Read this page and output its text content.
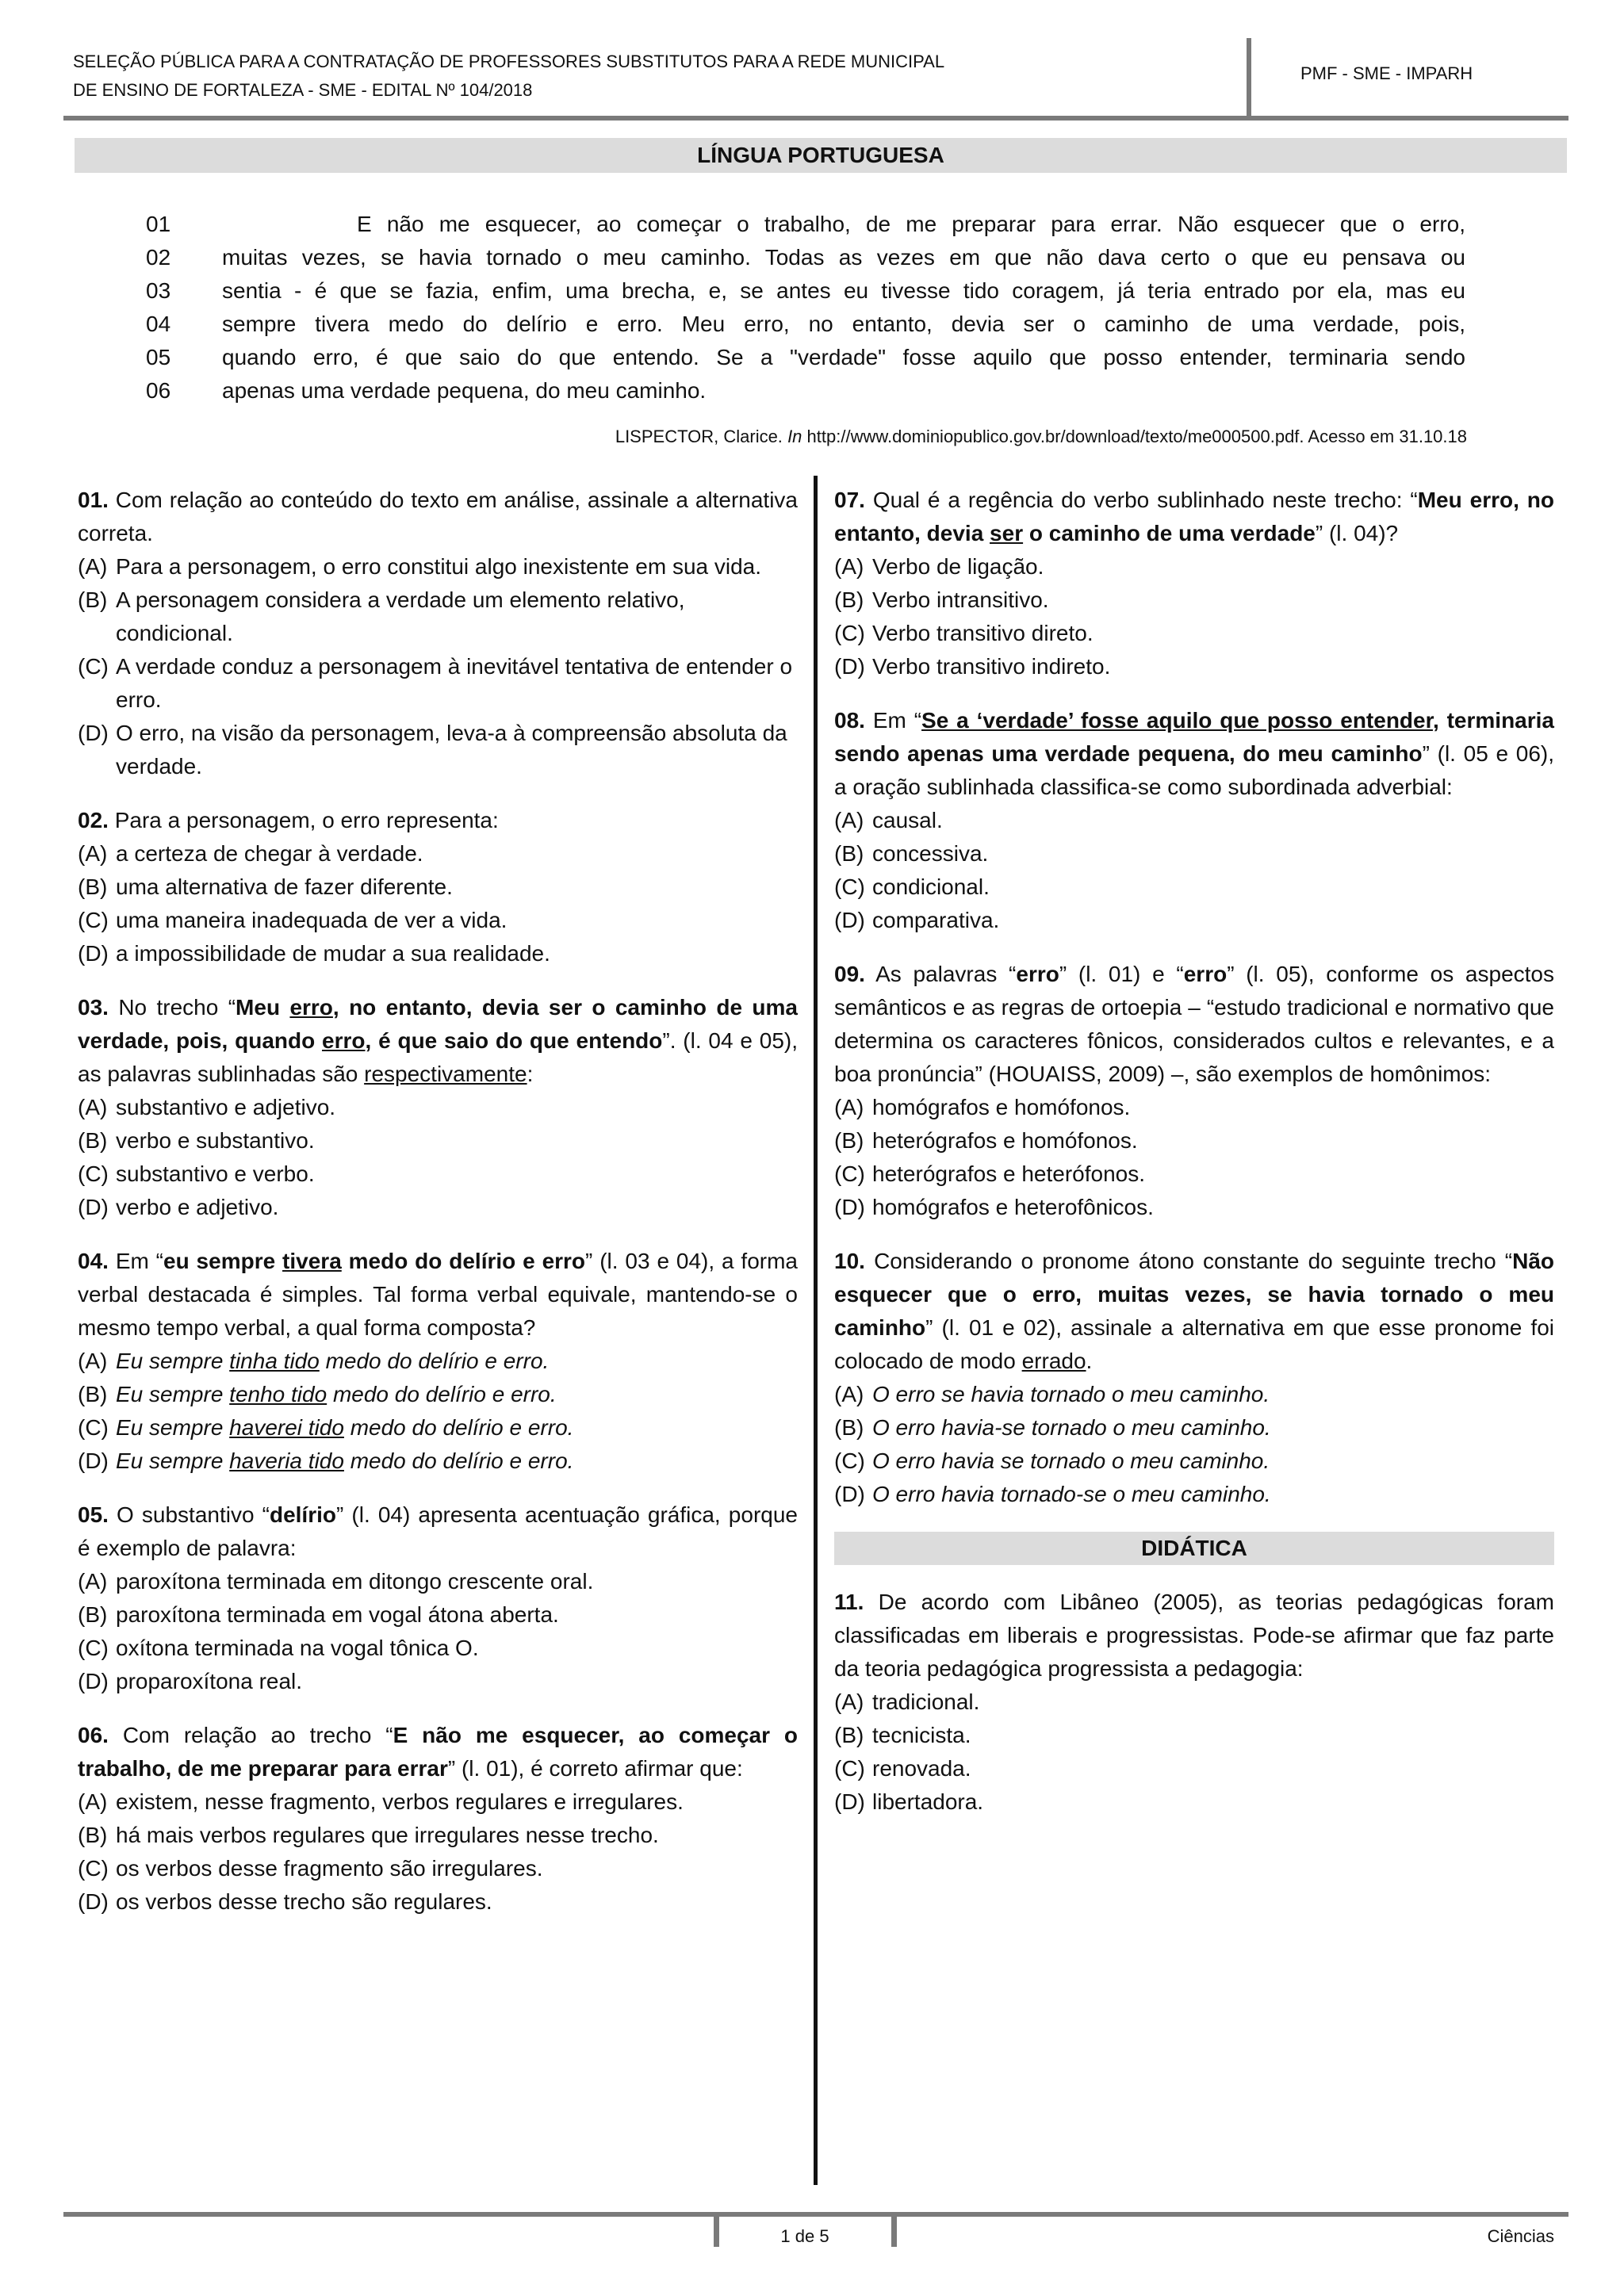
SELEÇÃO PÚBLICA PARA A CONTRATAÇÃO DE PROFESSORES SUBSTITUTOS PARA A REDE MUNICIPAL
DE ENSINO DE FORTALEZA - SME - EDITAL Nº 104/2018
PMF - SME - IMPARH
LÍNGUA PORTUGUESA
01	E não me esquecer, ao começar o trabalho, de me preparar para errar. Não esquecer que o erro,
02	muitas vezes, se havia tornado o meu caminho. Todas as vezes em que não dava certo o que eu pensava ou
03	sentia - é que se fazia, enfim, uma brecha, e, se antes eu tivesse tido coragem, já teria entrado por ela, mas eu
04	sempre tivera medo do delírio e erro. Meu erro, no entanto, devia ser o caminho de uma verdade, pois,
05	quando erro, é que saio do que entendo. Se a "verdade" fosse aquilo que posso entender, terminaria sendo
06	apenas uma verdade pequena, do meu caminho.
LISPECTOR, Clarice. In http://www.dominiopublico.gov.br/download/texto/me000500.pdf. Acesso em 31.10.18

01. Com relação ao conteúdo do texto em análise, assinale a alternativa correta.

(A) Para a personagem, o erro constitui algo inexistente em sua vida.
(B) A personagem considera a verdade um elemento relativo, condicional.
(C) A verdade conduz a personagem à inevitável tentativa de entender o erro.
(D) O erro, na visão da personagem, leva-a à compreensão absoluta da verdade.

02. Para a personagem, o erro representa:

(A) a certeza de chegar à verdade.
(B) uma alternativa de fazer diferente.
(C) uma maneira inadequada de ver a vida.
(D) a impossibilidade de mudar a sua realidade.

03. No trecho “Meu erro, no entanto, devia ser o caminho de uma verdade, pois, quando erro, é que saio do que entendo”. (l. 04 e 05), as palavras sublinhadas são respectivamente:

(A) substantivo e adjetivo.
(B) verbo e substantivo.
(C) substantivo e verbo.
(D) verbo e adjetivo.

04. Em “eu sempre tivera medo do delírio e erro” (l. 03 e 04), a forma verbal destacada é simples. Tal forma verbal equivale, mantendo-se o mesmo tempo verbal, a qual forma composta?

(A) Eu sempre tinha tido medo do delírio e erro.
(B) Eu sempre tenho tido medo do delírio e erro.
(C) Eu sempre haverei tido medo do delírio e erro.
(D) Eu sempre haveria tido medo do delírio e erro.

05. O substantivo “delírio” (l. 04) apresenta acentuação gráfica, porque é exemplo de palavra:

(A) paroxítona terminada em ditongo crescente oral.
(B) paroxítona terminada em vogal átona aberta.
(C) oxítona terminada na vogal tônica O.
(D) proparoxítona real.

06. Com relação ao trecho “E não me esquecer, ao começar o trabalho, de me preparar para errar” (l. 01), é correto afirmar que:

(A) existem, nesse fragmento, verbos regulares e irregulares.
(B) há mais verbos regulares que irregulares nesse trecho.
(C) os verbos desse fragmento são irregulares.
(D) os verbos desse trecho são regulares.

07. Qual é a regência do verbo sublinhado neste trecho: “Meu erro, no entanto, devia ser o caminho de uma verdade” (l. 04)?

(A) Verbo de ligação.
(B) Verbo intransitivo.
(C) Verbo transitivo direto.
(D) Verbo transitivo indireto.

08. Em “Se a ‘verdade’ fosse aquilo que posso entender, terminaria sendo apenas uma verdade pequena, do meu caminho” (l. 05 e 06), a oração sublinhada classifica-se como subordinada adverbial:

(A) causal.
(B) concessiva.
(C) condicional.
(D) comparativa.

09. As palavras “erro” (l. 01) e “erro” (l. 05), conforme os aspectos semânticos e as regras de ortoepia – “estudo tradicional e normativo que determina os caracteres fônicos, considerados cultos e relevantes, e a boa pronúncia” (HOUAISS, 2009) –, são exemplos de homônimos:

(A) homógrafos e homófonos.
(B) heterógrafos e homófonos.
(C) heterógrafos e heterófonos.
(D) homógrafos e heterofônicos.

10. Considerando o pronome átono constante do seguinte trecho “Não esquecer que o erro, muitas vezes, se havia tornado o meu caminho” (l. 01 e 02), assinale a alternativa em que esse pronome foi colocado de modo errado.

(A) O erro se havia tornado o meu caminho.
(B) O erro havia-se tornado o meu caminho.
(C) O erro havia se tornado o meu caminho.
(D) O erro havia tornado-se o meu caminho.
DIDÁTICA

11. De acordo com Libâneo (2005), as teorias pedagógicas foram classificadas em liberais e progressistas. Pode-se afirmar que faz parte da teoria pedagógica progressista a pedagogia:

(A) tradicional.
(B) tecnicista.
(C) renovada.
(D) libertadora.
1 de 5	Ciências
